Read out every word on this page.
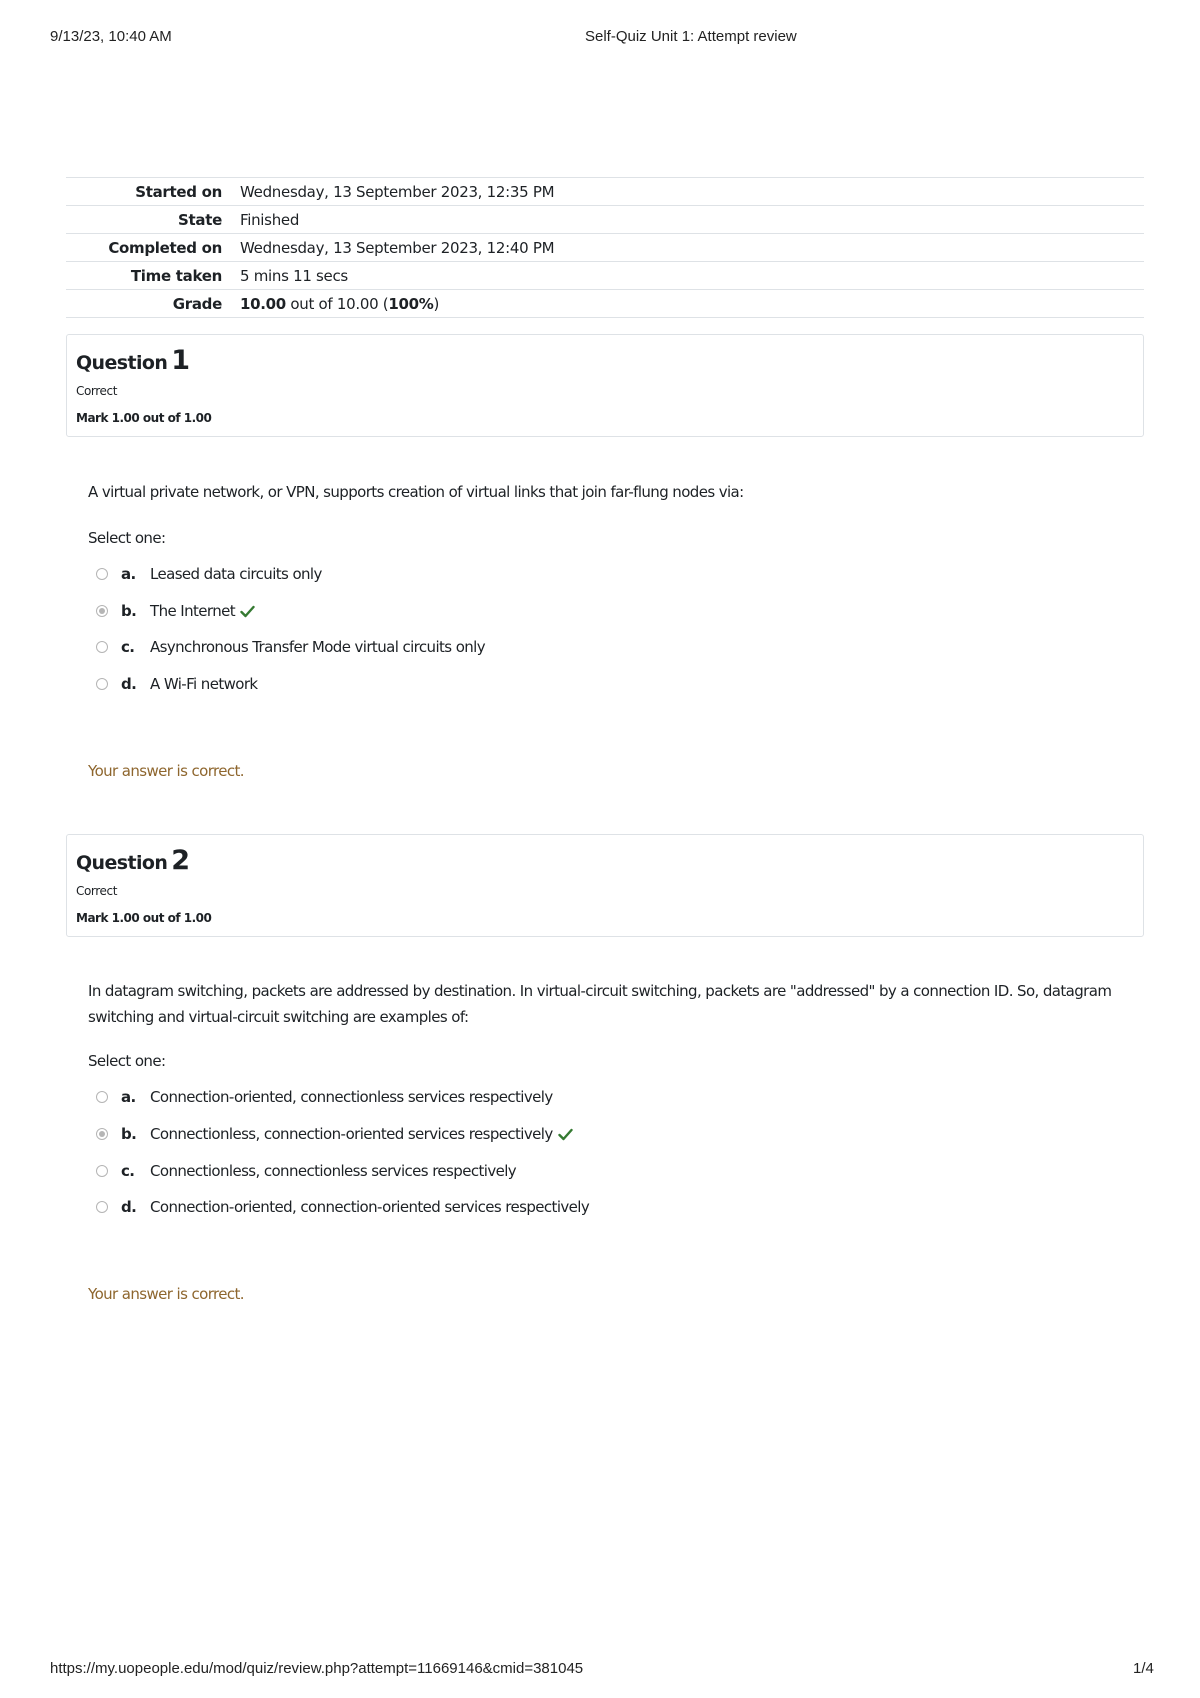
9/13/23, 10:40 AM	Self-Quiz Unit 1: Attempt review
Started on	Wednesday, 13 September 2023, 12:35 PM
State	Finished
Completed on	Wednesday, 13 September 2023, 12:40 PM
Time taken	5 mins 11 secs
Grade	10.00 out of 10.00 (100%)
Question 1
Correct
Mark 1.00 out of 1.00
A virtual private network, or VPN, supports creation of virtual links that join far-flung nodes via:
Select one:
a. Leased data circuits only
b. The Internet
c. Asynchronous Transfer Mode virtual circuits only
d. A Wi-Fi network
Your answer is correct.
Question 2
Correct
Mark 1.00 out of 1.00
In datagram switching, packets are addressed by destination. In virtual-circuit switching, packets are "addressed" by a connection ID. So, datagram switching and virtual-circuit switching are examples of:
Select one:
a. Connection-oriented, connectionless services respectively
b. Connectionless, connection-oriented services respectively
c. Connectionless, connectionless services respectively
d. Connection-oriented, connection-oriented services respectively
Your answer is correct.
https://my.uopeople.edu/mod/quiz/review.php?attempt=11669146&cmid=381045	1/4
